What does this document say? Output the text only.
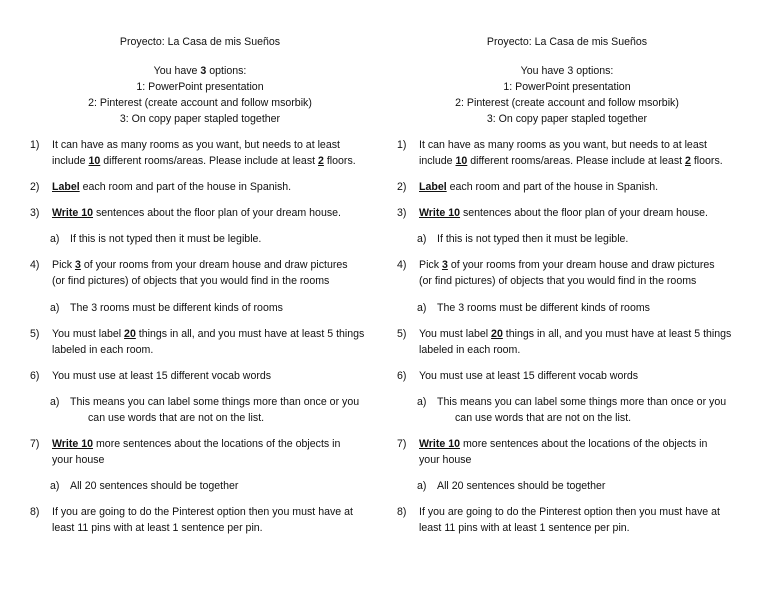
Proyecto: La Casa de mis Sueños
You have 3 options:
1: PowerPoint presentation
2: Pinterest (create account and follow msorbik)
3: On copy paper stapled together
1) It can have as many rooms as you want, but needs to at least
include 10 different rooms/areas. Please include at least 2 floors.
2) Label each room and part of the house in Spanish.
3) Write 10 sentences about the floor plan of your dream house.
a) If this is not typed then it must be legible.
4) Pick 3 of your rooms from your dream house and draw pictures
(or find pictures) of objects that you would find in the rooms
a) The 3 rooms must be different kinds of rooms
5) You must label 20 things in all, and you must have at least 5 things
labeled in each room.
6) You must use at least 15 different vocab words
a) This means you can label some things more than once or you
can use words that are not on the list.
7) Write 10 more sentences about the locations of the objects in
your house
a) All 20 sentences should be together
8) If you are going to do the Pinterest option then you must have at
least 11 pins with at least 1 sentence per pin.
Proyecto: La Casa de mis Sueños
You have 3 options:
1: PowerPoint presentation
2: Pinterest (create account and follow msorbik)
3: On copy paper stapled together
1) It can have as many rooms as you want, but needs to at least
include 10 different rooms/areas. Please include at least 2 floors.
2) Label each room and part of the house in Spanish.
3) Write 10 sentences about the floor plan of your dream house.
a) If this is not typed then it must be legible.
4) Pick 3 of your rooms from your dream house and draw pictures
(or find pictures) of objects that you would find in the rooms
a) The 3 rooms must be different kinds of rooms
5) You must label 20 things in all, and you must have at least 5 things
labeled in each room.
6) You must use at least 15 different vocab words
a) This means you can label some things more than once or you
can use words that are not on the list.
7) Write 10 more sentences about the locations of the objects in
your house
a) All 20 sentences should be together
8) If you are going to do the Pinterest option then you must have at
least 11 pins with at least 1 sentence per pin.
